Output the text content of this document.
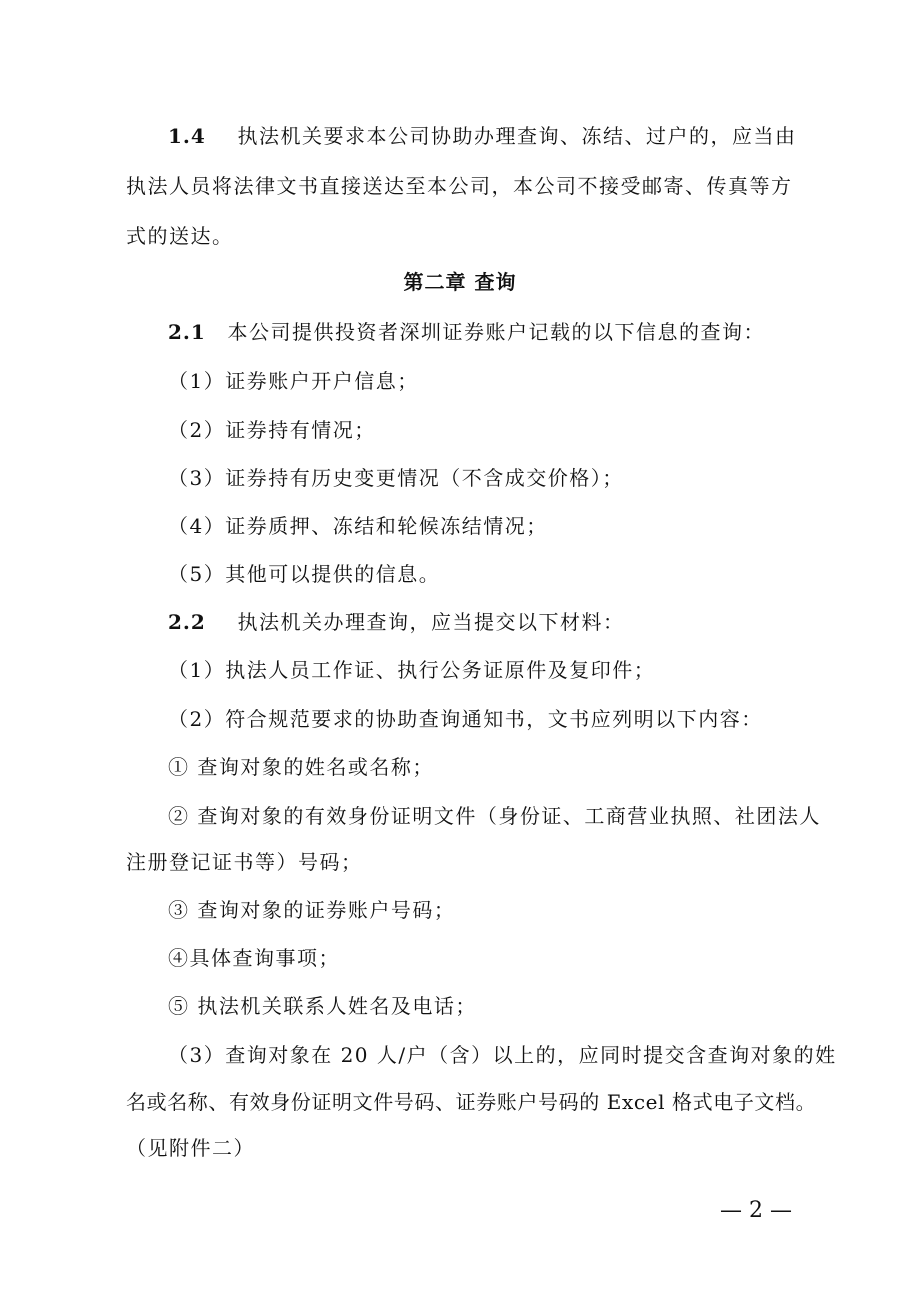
1.4 执法机关要求本公司协助办理查询、冻结、过户的，应当由
执法人员将法律文书直接送达至本公司，本公司不接受邮寄、传真等方
式的送达。
第二章 查询
2.1 本公司提供投资者深圳证券账户记载的以下信息的查询：
（1）证券账户开户信息；
（2）证券持有情况；
（3）证券持有历史变更情况（不含成交价格）；
（4）证券质押、冻结和轮候冻结情况；
（5）其他可以提供的信息。
2.2 执法机关办理查询，应当提交以下材料：
（1）执法人员工作证、执行公务证原件及复印件；
（2）符合规范要求的协助查询通知书，文书应列明以下内容：
① 查询对象的姓名或名称；
② 查询对象的有效身份证明文件（身份证、工商营业执照、社团法人
注册登记证书等）号码；
③ 查询对象的证券账户号码；
④具体查询事项；
⑤ 执法机关联系人姓名及电话；
（3）查询对象在 20 人/户（含）以上的，应同时提交含查询对象的姓
名或名称、有效身份证明文件号码、证券账户号码的 Excel 格式电子文档。
（见附件二）
— 2 —
